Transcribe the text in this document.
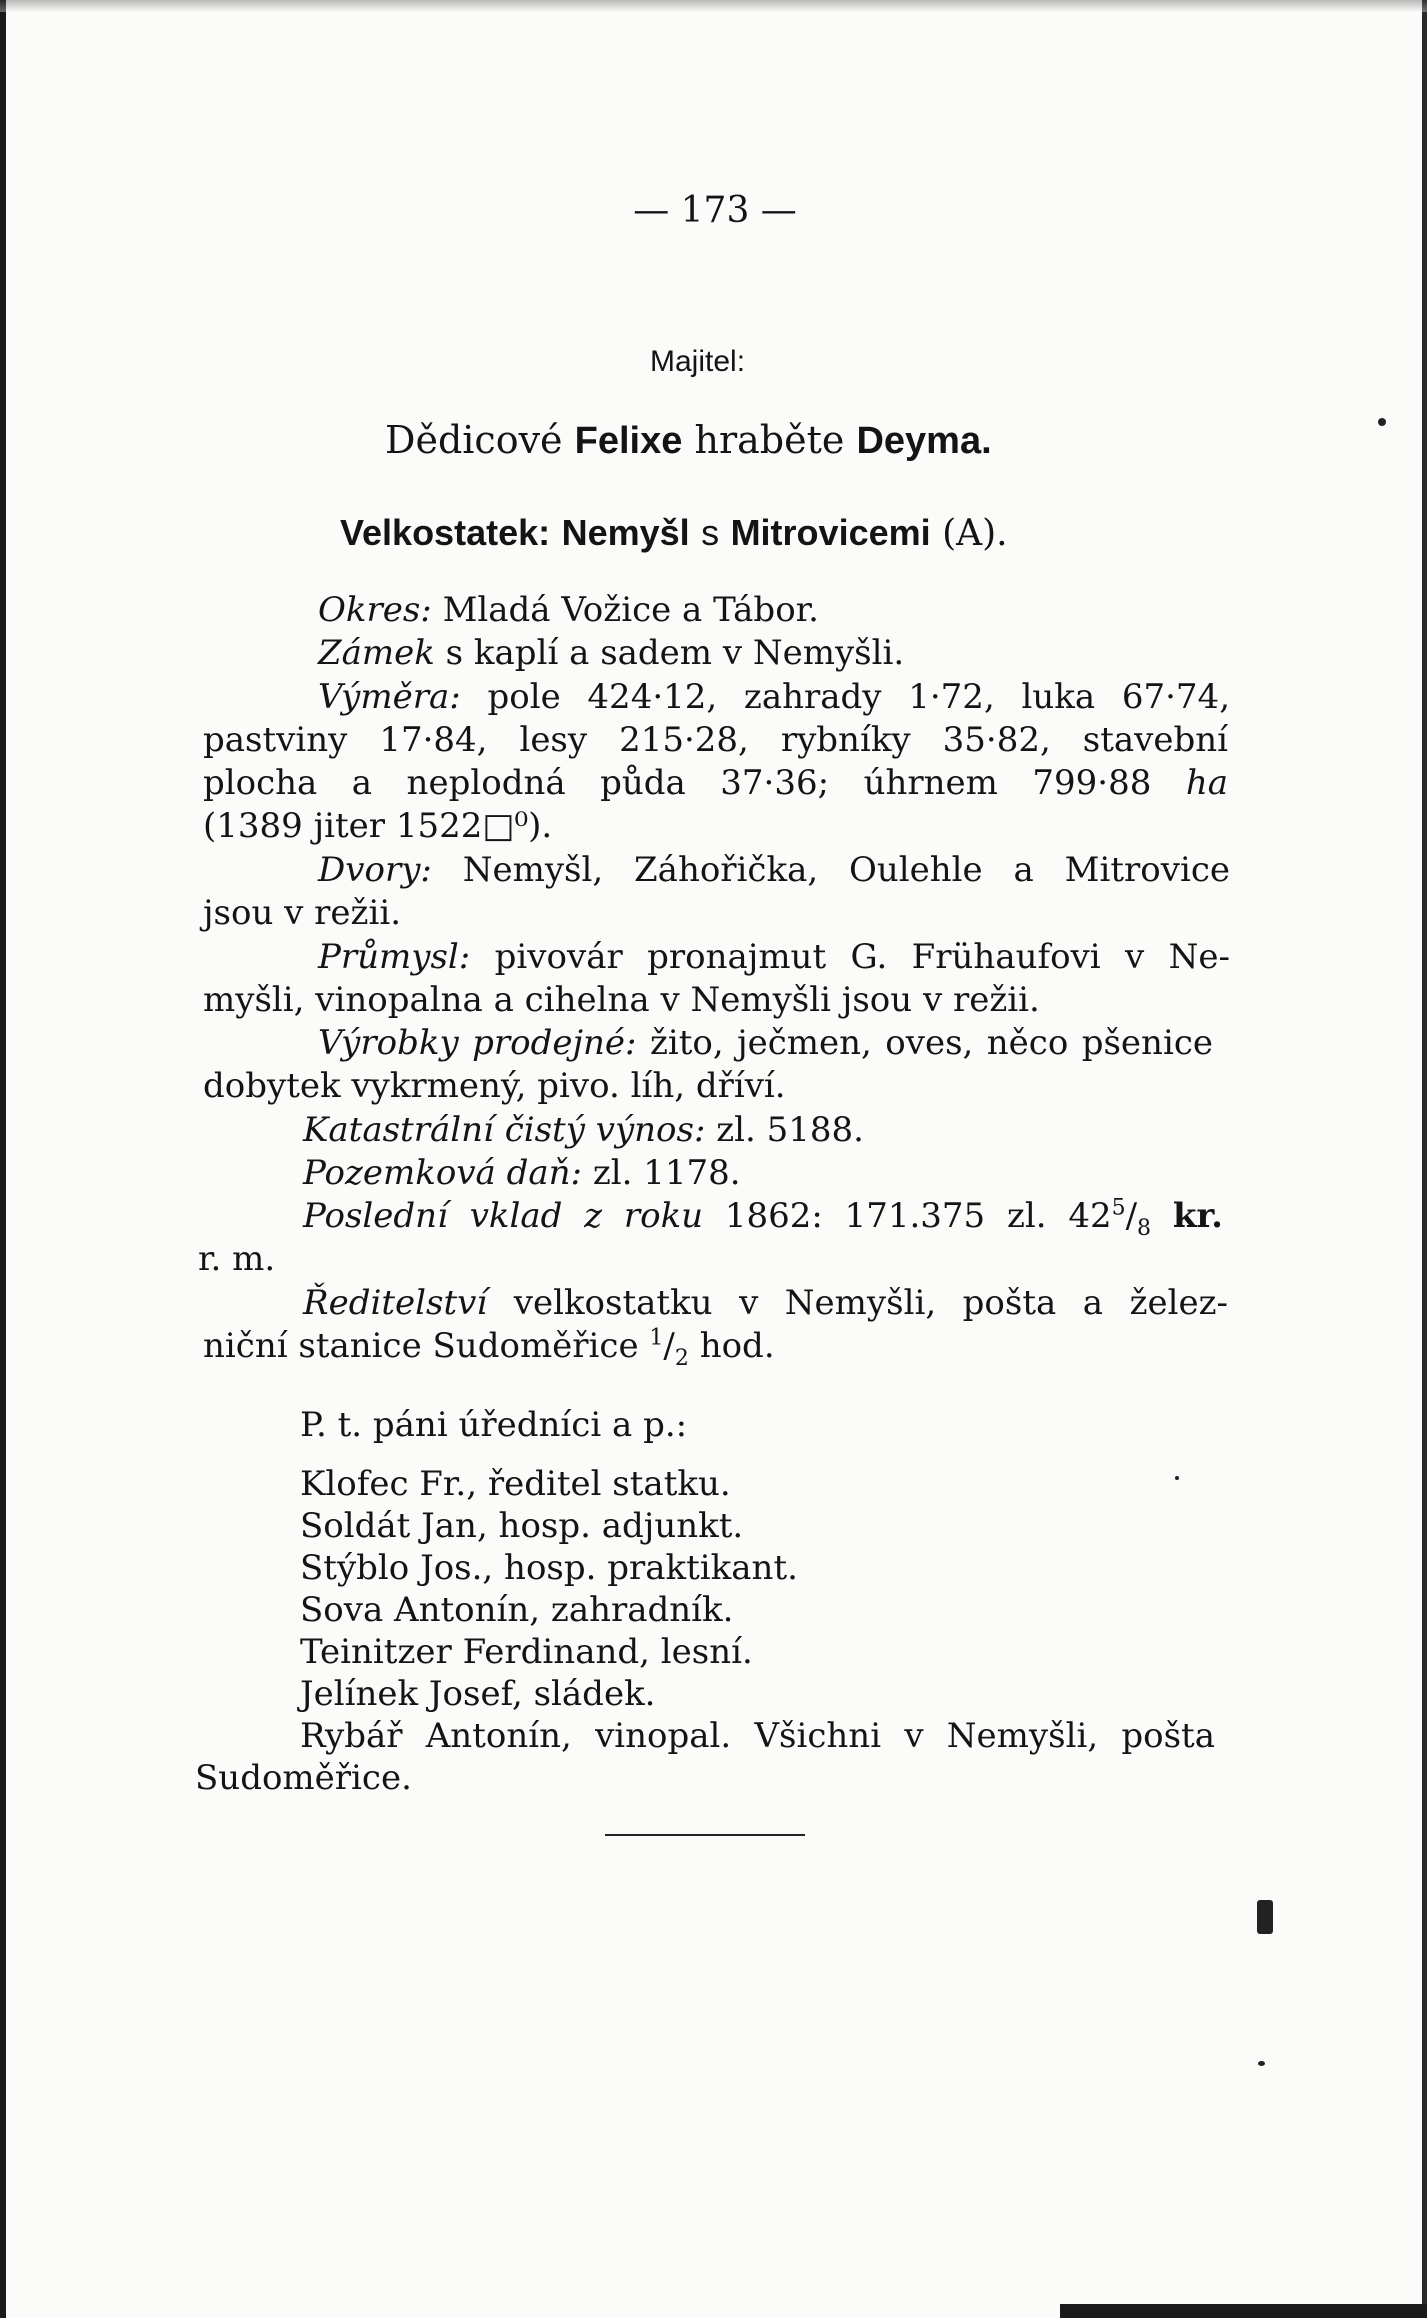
— 173 —
Majitel:
Dědicové Felixe hraběte Deyma.
Velkostatek: Nemyšl s Mitrovicemi (A).
Okres: Mladá Vožice a Tábor.
Zámek s kaplí a sadem v Nemyšli.
Výměra: pole 424·12, zahrady 1·72, luka 67·74,
pastviny 17·84, lesy 215·28, rybníky 35·82, stavební
plocha a neplodná půda 37·36; úhrnem 799·88 ha
(1389 jiter 1522□⁰).
Dvory: Nemyšl, Záhořička, Oulehle a Mitrovice
jsou v režii.
Průmysl: pivovár pronajmut G. Frühaufovi v Ne-
myšli, vinopalna a cihelna v Nemyšli jsou v režii.
Výrobky prodejné: žito, ječmen, oves, něco pšenice
dobytek vykrmený, pivo. líh, dříví.
Katastrální čistý výnos: zl. 5188.
Pozemková daň: zl. 1178.
Poslední vklad z roku 1862: 171.375 zl. $42^5/_8$ kr.
r. m.
Ředitelství velkostatku v Nemyšli, pošta a želez-
niční stanice Sudoměřice $^1/_2$ hod.
P. t. páni úředníci a p.:
Klofec Fr., ředitel statku.
Soldát Jan, hosp. adjunkt.
Stýblo Jos., hosp. praktikant.
Sova Antonín, zahradník.
Teinitzer Ferdinand, lesní.
Jelínek Josef, sládek.
Rybář Antonín, vinopal. Všichni v Nemyšli, pošta
Sudoměřice.
